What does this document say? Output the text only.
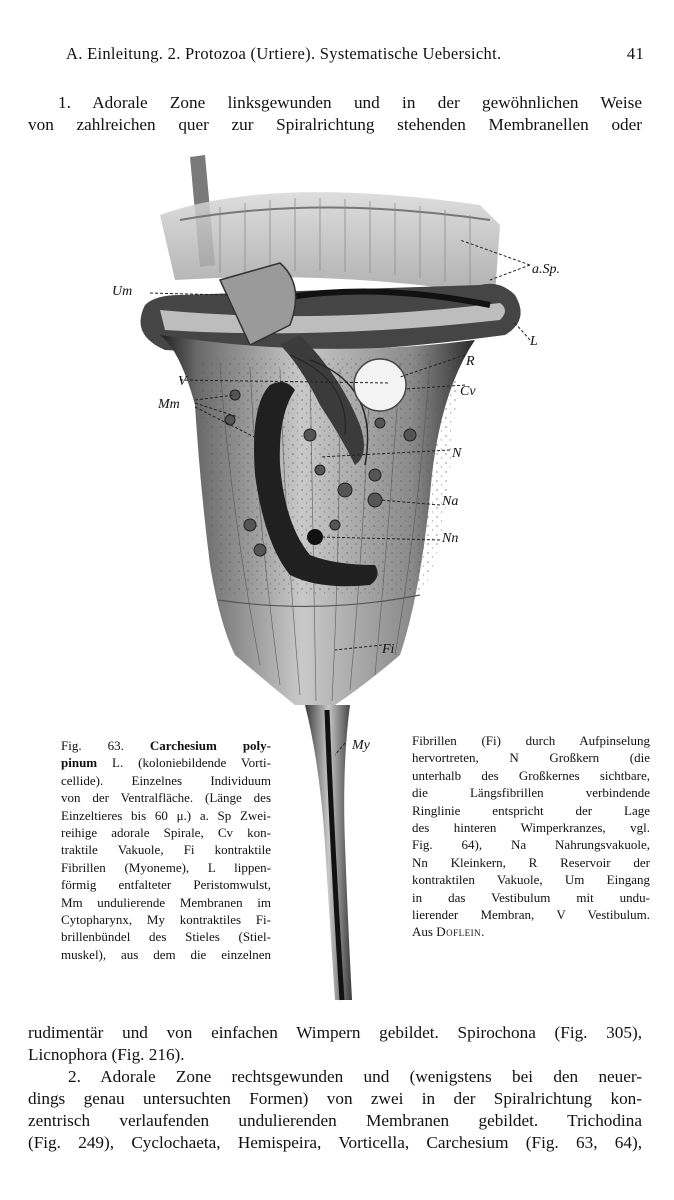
A. Einleitung. 2. Protozoa (Urtiere). Systematische Uebersicht.	41
1. Adorale Zone linksgewunden und in der gewöhnlichen Weise
von zahlreichen quer zur Spiralrichtung stehenden Membranellen oder
a.Sp.
Um
L
R
Cv
V
Mm
N
Na
Nn
Fi
My
Fig. 63. Carchesium poly-
pinum L. (koloniebildende Vorti-
cellide). Einzelnes Individuum
von der Ventralfläche. (Länge des
Einzeltieres bis 60 μ.) a. Sp Zwei-
reihige adorale Spirale, Cv kon-
traktile Vakuole, Fi kontraktile
Fibrillen (Myoneme), L lippen-
förmig entfalteter Peristomwulst,
Mm undulierende Membranen im
Cytopharynx, My kontraktiles Fi-
brillenbündel des Stieles (Stiel-
muskel), aus dem die einzelnen
Fibrillen (Fi) durch Aufpinselung
hervortreten, N Großkern (die
unterhalb des Großkernes sichtbare,
die Längsfibrillen verbindende
Ringlinie entspricht der Lage
des hinteren Wimperkranzes, vgl.
Fig. 64), Na Nahrungsvakuole,
Nn Kleinkern, R Reservoir der
kontraktilen Vakuole, Um Eingang
in das Vestibulum mit undu-
lierender Membran, V Vestibulum.
Aus Doflein.
rudimentär und von einfachen Wimpern gebildet. Spirochona (Fig. 305),
Licnophora (Fig. 216).
2. Adorale Zone rechtsgewunden und (wenigstens bei den neuer-
dings genau untersuchten Formen) von zwei in der Spiralrichtung kon-
zentrisch verlaufenden undulierenden Membranen gebildet. Trichodina
(Fig. 249), Cyclochaeta, Hemispeira, Vorticella, Carchesium (Fig. 63, 64),
